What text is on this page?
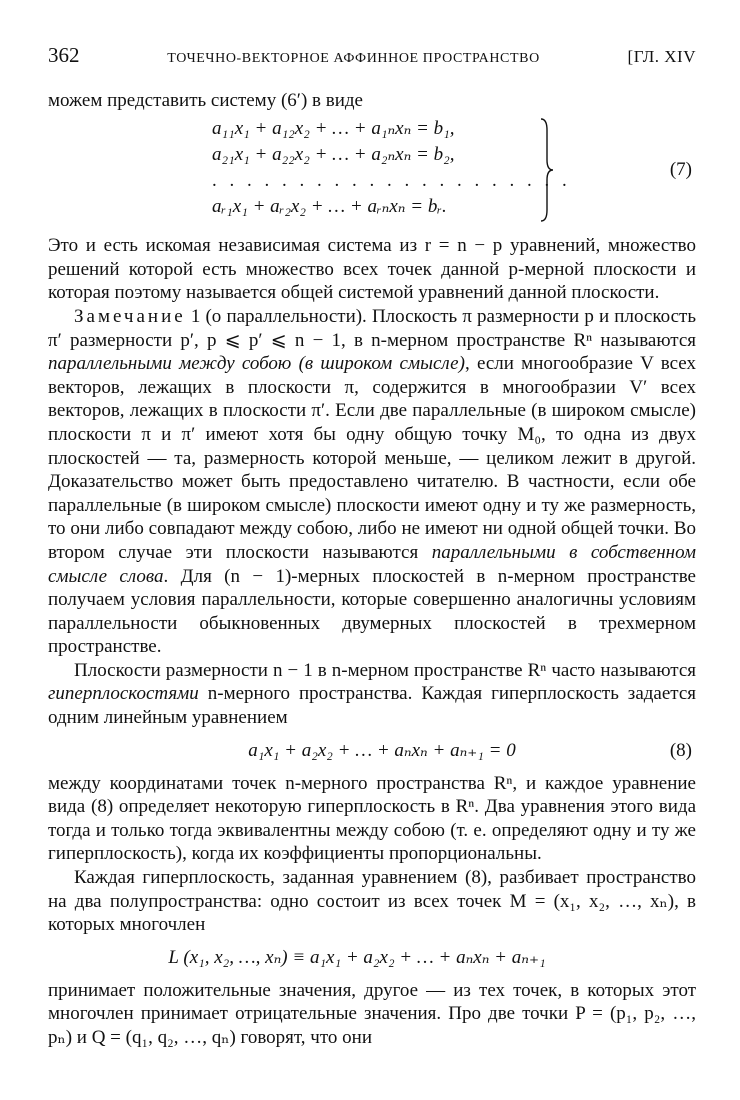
362	ТОЧЕЧНО-ВЕКТОРНОЕ АФФИННОЕ ПРОСТРАНСТВО	[ГЛ. XIV

можем представить систему (6′) в виде

a₁₁x₁ + a₁₂x₂ + … + a₁ₙxₙ = b₁,
a₂₁x₁ + a₂₂x₂ + … + a₂ₙxₙ = b₂,
. . . . . . . . . . . . . . . . . . . . .
aᵣ₁x₁ + aᵣ₂x₂ + … + aᵣₙxₙ = bᵣ.
(7)

Это и есть искомая независимая система из r = n − p уравнений, множество решений которой есть множество всех точек данной p-мерной плоскости и которая поэтому называется общей системой уравнений данной плоскости.

Замечание 1 (о параллельности). Плоскость π размерности p и плоскость π′ размерности p′, p ⩽ p′ ⩽ n − 1, в n-мерном пространстве Rⁿ называются параллельными между собою (в широком смысле), если многообразие V всех векторов, лежащих в плоскости π, содержится в многообразии V′ всех векторов, лежащих в плоскости π′. Если две параллельные (в широком смысле) плоскости π и π′ имеют хотя бы одну общую точку M₀, то одна из двух плоскостей — та, размерность которой меньше, — целиком лежит в другой. Доказательство может быть предоставлено читателю. В частности, если обе параллельные (в широком смысле) плоскости имеют одну и ту же размерность, то они либо совпадают между собою, либо не имеют ни одной общей точки. Во втором случае эти плоскости называются параллельными в собственном смысле слова. Для (n − 1)-мерных плоскостей в n-мерном пространстве получаем условия параллельности, которые совершенно аналогичны условиям параллельности обыкновенных двумерных плоскостей в трехмерном пространстве.

Плоскости размерности n − 1 в n-мерном пространстве Rⁿ часто называются гиперплоскостями n-мерного пространства. Каждая гиперплоскость задается одним линейным уравнением

a₁x₁ + a₂x₂ + … + aₙxₙ + aₙ₊₁ = 0	(8)

между координатами точек n-мерного пространства Rⁿ, и каждое уравнение вида (8) определяет некоторую гиперплоскость в Rⁿ. Два уравнения этого вида тогда и только тогда эквивалентны между собою (т. е. определяют одну и ту же гиперплоскость), когда их коэффициенты пропорциональны.

Каждая гиперплоскость, заданная уравнением (8), разбивает пространство на два полупространства: одно состоит из всех точек M = (x₁, x₂, …, xₙ), в которых многочлен

L (x₁, x₂, …, xₙ) ≡ a₁x₁ + a₂x₂ + … + aₙxₙ + aₙ₊₁

принимает положительные значения, другое — из тех точек, в которых этот многочлен принимает отрицательные значения. Про две точки P = (p₁, p₂, …, pₙ) и Q = (q₁, q₂, …, qₙ) говорят, что они
